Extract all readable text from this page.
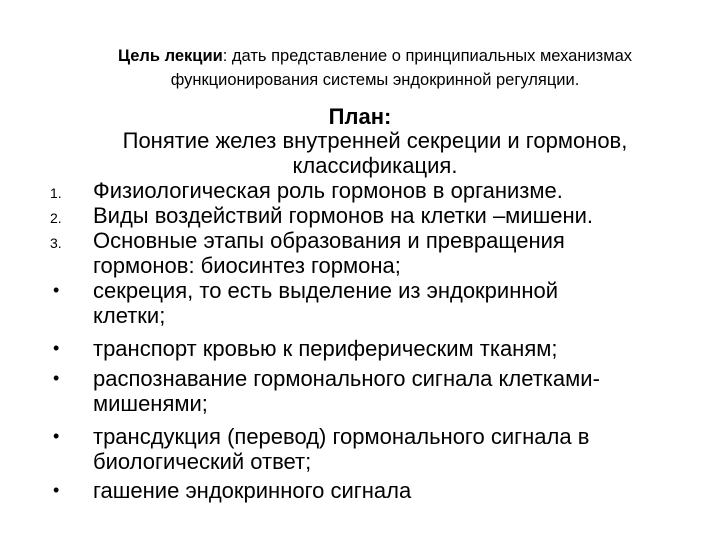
Цель лекции: дать представление о принципиальных механизмах
функционирования системы эндокринной регуляции.
План:
Понятие желез внутренней секреции и гормонов,
классификация.
1. Физиологическая роль гормонов в организме.
2. Виды воздействий гормонов на клетки –мишени.
3. Основные этапы образования и превращения
гормонов: биосинтез гормона;
• секреция, то есть выделение из эндокринной
клетки;
• транспорт кровью к периферическим тканям;
• распознавание гормонального сигнала клетками-
мишенями;
• трансдукция (перевод) гормонального сигнала в
биологический ответ;
• гашение эндокринного сигнала
